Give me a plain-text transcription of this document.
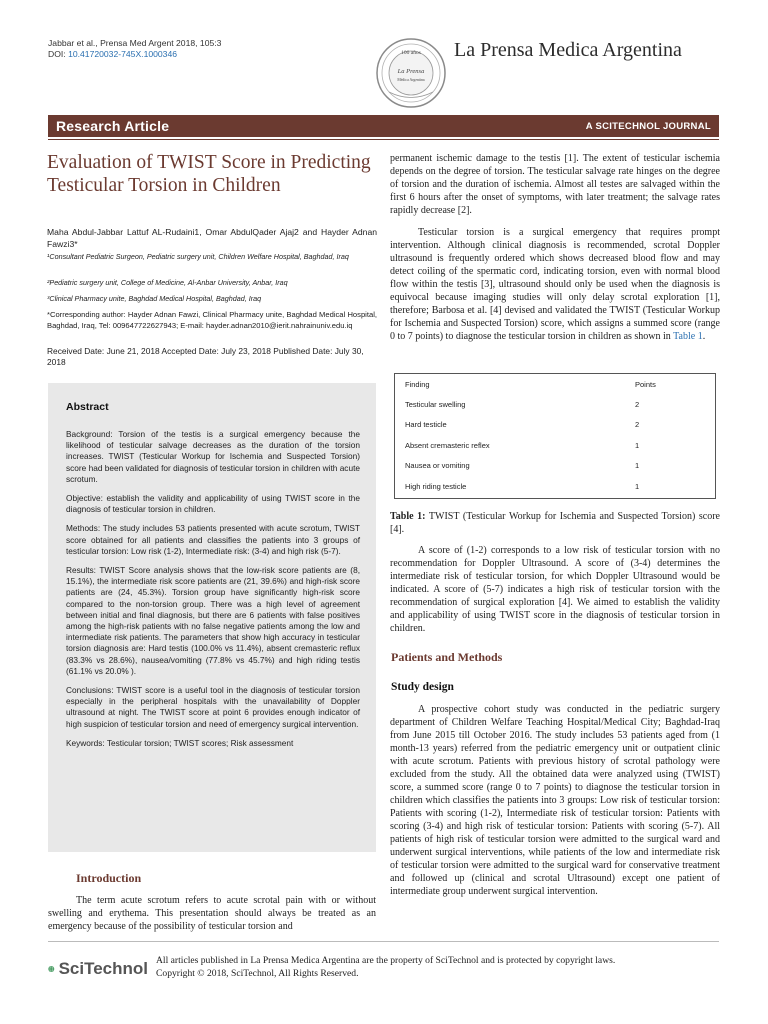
Jabbar et al., Prensa Med Argent 2018, 105:3
DOI: 10.41720032-745X.1000346	100 años
La Prensa
Médica Argentina
La Prensa Medica Argentina
Research Article	A SCITECHNOL JOURNAL
Evaluation of TWIST Score in Predicting Testicular Torsion in Children
Maha Abdul-Jabbar Lattuf AL-Rudaini1, Omar AbdulQader Ajaj2 and Hayder Adnan Fawzi3*
¹Consultant Pediatric Surgeon, Pediatric surgery unit, Children Welfare Hospital, Baghdad, Iraq
²Pediatric surgery unit, College of Medicine, Al-Anbar University, Anbar, Iraq
³Clinical Pharmacy unite, Baghdad Medical Hospital, Baghdad, Iraq
*Corresponding author: Hayder Adnan Fawzi, Clinical Pharmacy unite, Baghdad Medical Hospital, Baghdad, Iraq, Tel: 009647722627943; E-mail: hayder.adnan2010@ierit.nahrainuniv.edu.iq
Received Date: June 21, 2018 Accepted Date: July 23, 2018 Published Date: July 30, 2018
Abstract

Background: Torsion of the testis is a surgical emergency because the likelihood of testicular salvage decreases as the duration of the torsion increases. TWIST (Testicular Workup for Ischemia and Suspected Torsion) score had been validated for diagnosis of testicular torsion in children with acute scrotum.

Objective: establish the validity and applicability of using TWIST score in the diagnosis of testicular torsion in children.

Methods: The study includes 53 patients presented with acute scrotum, TWIST score obtained for all patients and classifies the patients into 3 groups of testicular torsion: Low risk (1-2), Intermediate risk: (3-4) and high risk (5-7).

Results: TWIST Score analysis shows that the low-risk score patients are (8, 15.1%), the intermediate risk score patients are (21, 39.6%) and high-risk score patients are (24, 45.3%). Torsion group have significantly high-risk score compared to the non-torsion group. There was a high level of agreement between initial and final diagnosis, but there are 6 patients with false positives among the high-risk patients with no false negative patients among the low and intermediate risk patients. The parameters that show high accuracy in testicular torsion diagnosis are: Hard testis (100.0% vs 11.4%), absent cremasteric reflux (83.3% vs 28.6%), nausea/vomiting (77.8% vs 45.7%) and high riding testis (61.1% vs 20.0% ).

Conclusions: TWIST score is a useful tool in the diagnosis of testicular torsion especially in the peripheral hospitals with the unavailability of Doppler ultrasound at night. The TWIST score at point 6 provides enough indicator of high suspicion of testicular torsion and need of emergency surgical intervention.

Keywords: Testicular torsion; TWIST scores; Risk assessment

Introduction
The term acute scrotum refers to acute scrotal pain with or without swelling and erythema. This presentation should always be treated as an emergency because of the possibility of testicular torsion and

permanent ischemic damage to the testis [1]. The extent of testicular ischemia depends on the degree of torsion. The testicular salvage rate hinges on the degree of torsion and the duration of ischemia. Almost all testes are salvaged within the first 6 hours after the onset of symptoms, with later treatment; the salvage rates rapidly decrease [2].

Testicular torsion is a surgical emergency that requires prompt intervention. Although clinical diagnosis is recommended, scrotal Doppler ultrasound is frequently ordered which shows decreased blood flow and may detect coiling of the spermatic cord, indicating torsion, even with normal blood flow within the testis [3], ultrasound should only be used when the diagnosis is equivocal because imaging studies will only delay scrotal exploration [1], therefore; Barbosa et al. [4] devised and validated the TWIST (Testicular Workup for Ischemia and Suspected Torsion) score, which assigns a summed score (range 0 to 7 points) to diagnose the testicular torsion in children as shown in Table 1.

Finding	Points
Testicular swelling	2
Hard testicle	2
Absent cremasteric reflex	1
Nausea or vomiting	1
High riding testicle	1
Table 1: TWIST (Testicular Workup for Ischemia and Suspected Torsion) score [4].

A score of (1-2) corresponds to a low risk of testicular torsion with no recommendation for Doppler Ultrasound. A score of (3-4) determines the intermediate risk of testicular torsion, for which Doppler Ultrasound would be indicated. A score of (5-7) indicates a high risk of testicular torsion with the recommendation of surgical exploration [4]. We aimed to establish the validity and applicability of using TWIST score in the diagnosis of testicular torsion in children.

Patients and Methods
Study design

A prospective cohort study was conducted in the pediatric surgery department of Children Welfare Teaching Hospital/Medical City; Baghdad-Iraq from June 2015 till October 2016. The study includes 53 patients aged from (1 month-13 years) referred from the pediatric emergency unit or outpatient clinic with acute scrotum. Patients with previous history of scrotal pathology were excluded from the study. All the obtained data were analyzed using (TWIST) score, a summed score (range 0 to 7 points) to diagnose the testicular torsion in children which classifies the patients into 3 groups: Low risk of testicular torsion: Patients with scoring (1-2), Intermediate risk of testicular torsion: Patients with scoring (3-4) and high risk of testicular torsion: Patients with scoring (5-7). All patients of high risk of testicular torsion were admitted to the surgical ward and underwent surgical interventions, while patients of the low and intermediate risk of testicular torsion were admitted to the surgical ward for conservative treatment and followed up (clinical and scrotal Ultrasound) except one patient of intermediate group underwent surgical intervention.

SciTechnol All articles published in La Prensa Medica Argentina are the property of SciTechnol and is protected by copyright laws.
Copyright © 2018, SciTechnol, All Rights Reserved.
